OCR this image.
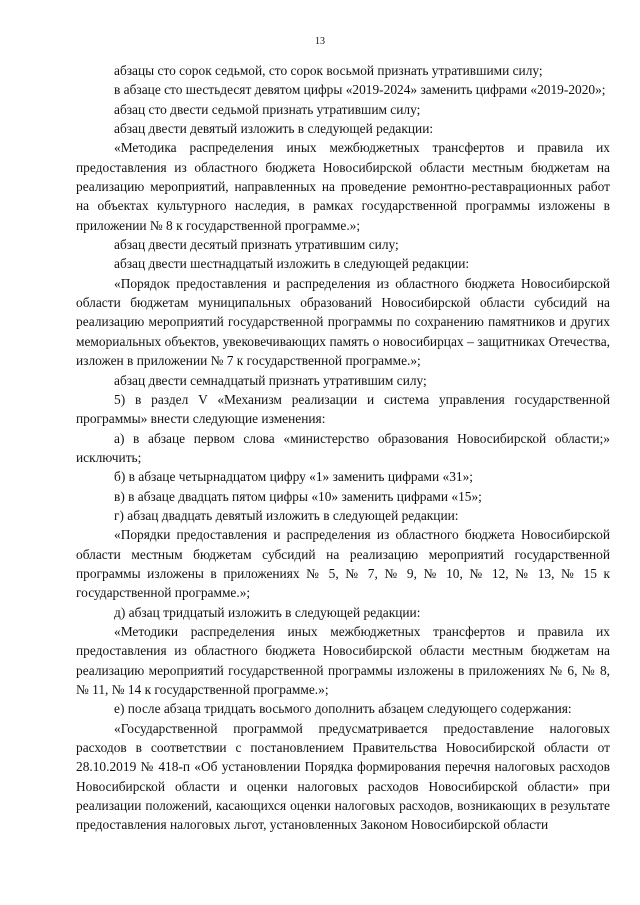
13

абзацы сто сорок седьмой, сто сорок восьмой признать утратившими силу;

в абзаце сто шестьдесят девятом цифры «2019-2024» заменить цифрами «2019-2020»;

абзац сто двести седьмой признать утратившим силу;

абзац двести девятый изложить в следующей редакции:

«Методика распределения иных межбюджетных трансфертов и правила их предоставления из областного бюджета Новосибирской области местным бюджетам на реализацию мероприятий, направленных на проведение ремонтно-реставрационных работ на объектах культурного наследия, в рамках государственной программы изложены в приложении № 8 к государственной программе.»;

абзац двести десятый признать утратившим силу;

абзац двести шестнадцатый изложить в следующей редакции:

«Порядок предоставления и распределения из областного бюджета Новосибирской области бюджетам муниципальных образований Новосибирской области субсидий на реализацию мероприятий государственной программы по сохранению памятников и других мемориальных объектов, увековечивающих память о новосибирцах – защитниках Отечества, изложен в приложении № 7 к государственной программе.»;

абзац двести семнадцатый признать утратившим силу;

5) в раздел V «Механизм реализации и система управления государственной программы» внести следующие изменения:

а) в абзаце первом слова «министерство образования Новосибирской области;» исключить;

б) в абзаце четырнадцатом цифру «1» заменить цифрами «31»;

в) в абзаце двадцать пятом цифры «10» заменить цифрами «15»;

г) абзац двадцать девятый изложить в следующей редакции:

«Порядки предоставления и распределения из областного бюджета Новосибирской области местным бюджетам субсидий на реализацию мероприятий государственной программы изложены в приложениях № 5, № 7, № 9, № 10, № 12, № 13, № 15 к государственной программе.»;

д) абзац тридцатый изложить в следующей редакции:

«Методики распределения иных межбюджетных трансфертов и правила их предоставления из областного бюджета Новосибирской области местным бюджетам на реализацию мероприятий государственной программы изложены в приложениях № 6, № 8, № 11, № 14 к государственной программе.»;

е) после абзаца тридцать восьмого дополнить абзацем следующего содержания:

«Государственной программой предусматривается предоставление налоговых расходов в соответствии с постановлением Правительства Новосибирской области от 28.10.2019 № 418-п «Об установлении Порядка формирования перечня налоговых расходов Новосибирской области и оценки налоговых расходов Новосибирской области» при реализации положений, касающихся оценки налоговых расходов, возникающих в результате предоставления налоговых льгот, установленных Законом Новосибирской области
